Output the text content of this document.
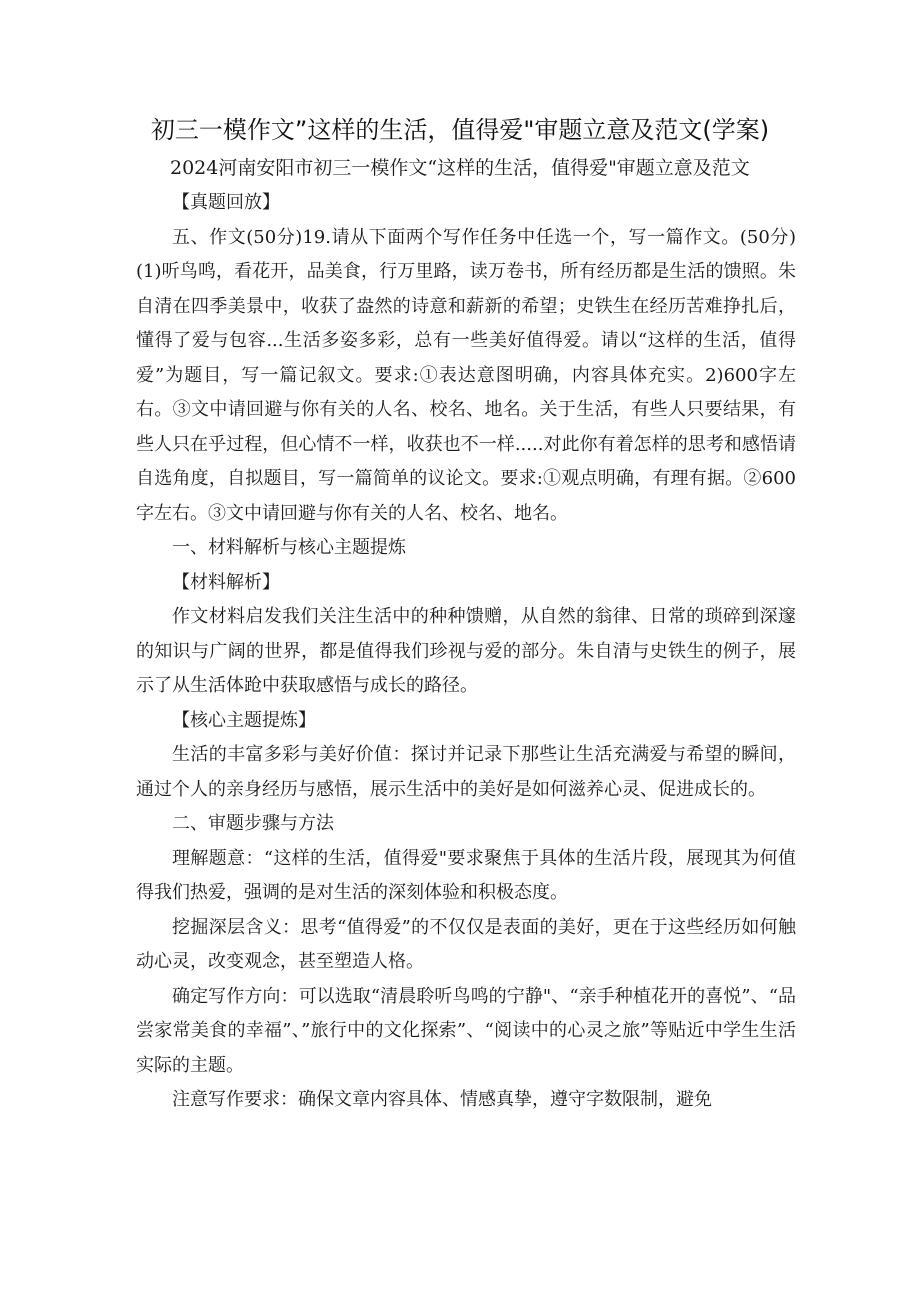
初三一模作文”这样的生活，值得爱"审题立意及范文(学案)

2024河南安阳市初三一模作文“这样的生活，值得爱"审题立意及范文

【真题回放】

五、作文(50分)19.请从下面两个写作任务中任选一个，写一篇作文。(50分)(1)听鸟鸣，看花开，品美食，行万里路，读万卷书，所有经历都是生活的馈照。朱自清在四季美景中，收获了盎然的诗意和薪新的希望；史铁生在经历苦难挣扎后，懂得了爱与包容...生活多姿多彩，总有一些美好值得爱。请以“这样的生活，值得爱”为题目，写一篇记叙文。要求:①表达意图明确，内容具体充实。2)600字左右。③文中请回避与你有关的人名、校名、地名。关于生活，有些人只要结果，有些人只在乎过程，但心情不一样，收获也不一样.....对此你有着怎样的思考和感悟请自选角度，自拟题目，写一篇简单的议论文。要求:①观点明确，有理有据。②600字左右。③文中请回避与你有关的人名、校名、地名。

一、材料解析与核心主题提炼

【材料解析】

作文材料启发我们关注生活中的种种馈赠，从自然的翁律、日常的琐碎到深邃的知识与广阔的世界，都是值得我们珍视与爱的部分。朱自清与史铁生的例子，展示了从生活体跄中获取感悟与成长的路径。

【核心主题提炼】

生活的丰富多彩与美好价值：探讨并记录下那些让生活充满爱与希望的瞬间，通过个人的亲身经历与感悟，展示生活中的美好是如何滋养心灵、促进成长的。

二、审题步骤与方法

理解题意：“这样的生活，值得爱"要求聚焦于具体的生活片段，展现其为何值得我们热爱，强调的是对生活的深刻体验和积极态度。

挖掘深层含义：思考“值得爱”的不仅仅是表面的美好，更在于这些经历如何触动心灵，改变观念，甚至塑造人格。

确定写作方向：可以选取“清晨聆听鸟鸣的宁静"、“亲手种植花开的喜悦”、“品尝家常美食的幸福”、”旅行中的文化探索”、“阅读中的心灵之旅”等贴近中学生生活实际的主题。

注意写作要求：确保文章内容具体、情感真挚，遵守字数限制，避免
